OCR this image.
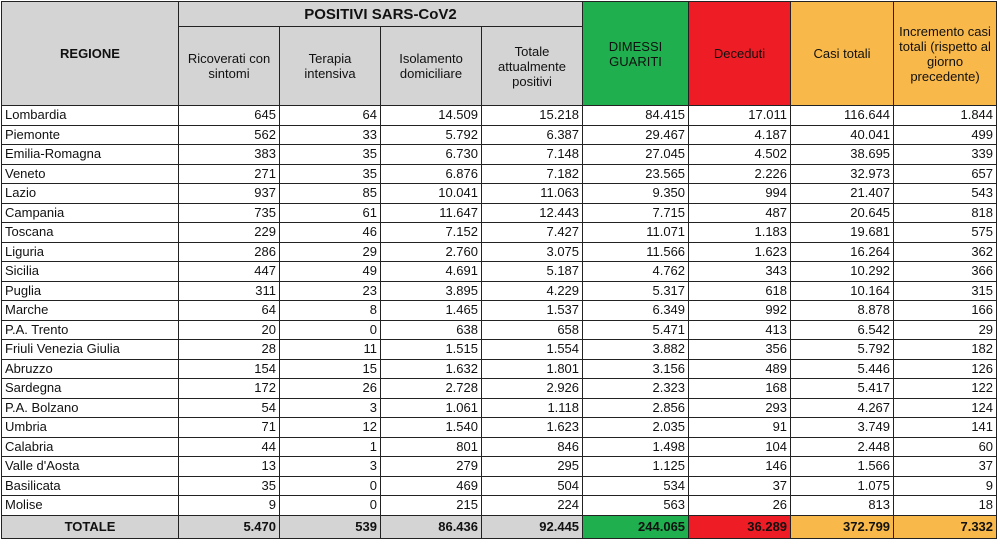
REGIONE	POSITIVI SARS-CoV2				DIMESSI GUARITI	Deceduti	Casi totali	Incremento casi totali (rispetto al giorno precedente)
	Ricoverati con sintomi	Terapia intensiva	Isolamento domiciliare	Totale attualmente positivi				
Lombardia	645	64	14.509	15.218	84.415	17.011	116.644	1.844
Piemonte	562	33	5.792	6.387	29.467	4.187	40.041	499
Emilia-Romagna	383	35	6.730	7.148	27.045	4.502	38.695	339
Veneto	271	35	6.876	7.182	23.565	2.226	32.973	657
Lazio	937	85	10.041	11.063	9.350	994	21.407	543
Campania	735	61	11.647	12.443	7.715	487	20.645	818
Toscana	229	46	7.152	7.427	11.071	1.183	19.681	575
Liguria	286	29	2.760	3.075	11.566	1.623	16.264	362
Sicilia	447	49	4.691	5.187	4.762	343	10.292	366
Puglia	311	23	3.895	4.229	5.317	618	10.164	315
Marche	64	8	1.465	1.537	6.349	992	8.878	166
P.A. Trento	20	0	638	658	5.471	413	6.542	29
Friuli Venezia Giulia	28	11	1.515	1.554	3.882	356	5.792	182
Abruzzo	154	15	1.632	1.801	3.156	489	5.446	126
Sardegna	172	26	2.728	2.926	2.323	168	5.417	122
P.A. Bolzano	54	3	1.061	1.118	2.856	293	4.267	124
Umbria	71	12	1.540	1.623	2.035	91	3.749	141
Calabria	44	1	801	846	1.498	104	2.448	60
Valle d'Aosta	13	3	279	295	1.125	146	1.566	37
Basilicata	35	0	469	504	534	37	1.075	9
Molise	9	0	215	224	563	26	813	18
TOTALE	5.470	539	86.436	92.445	244.065	36.289	372.799	7.332
